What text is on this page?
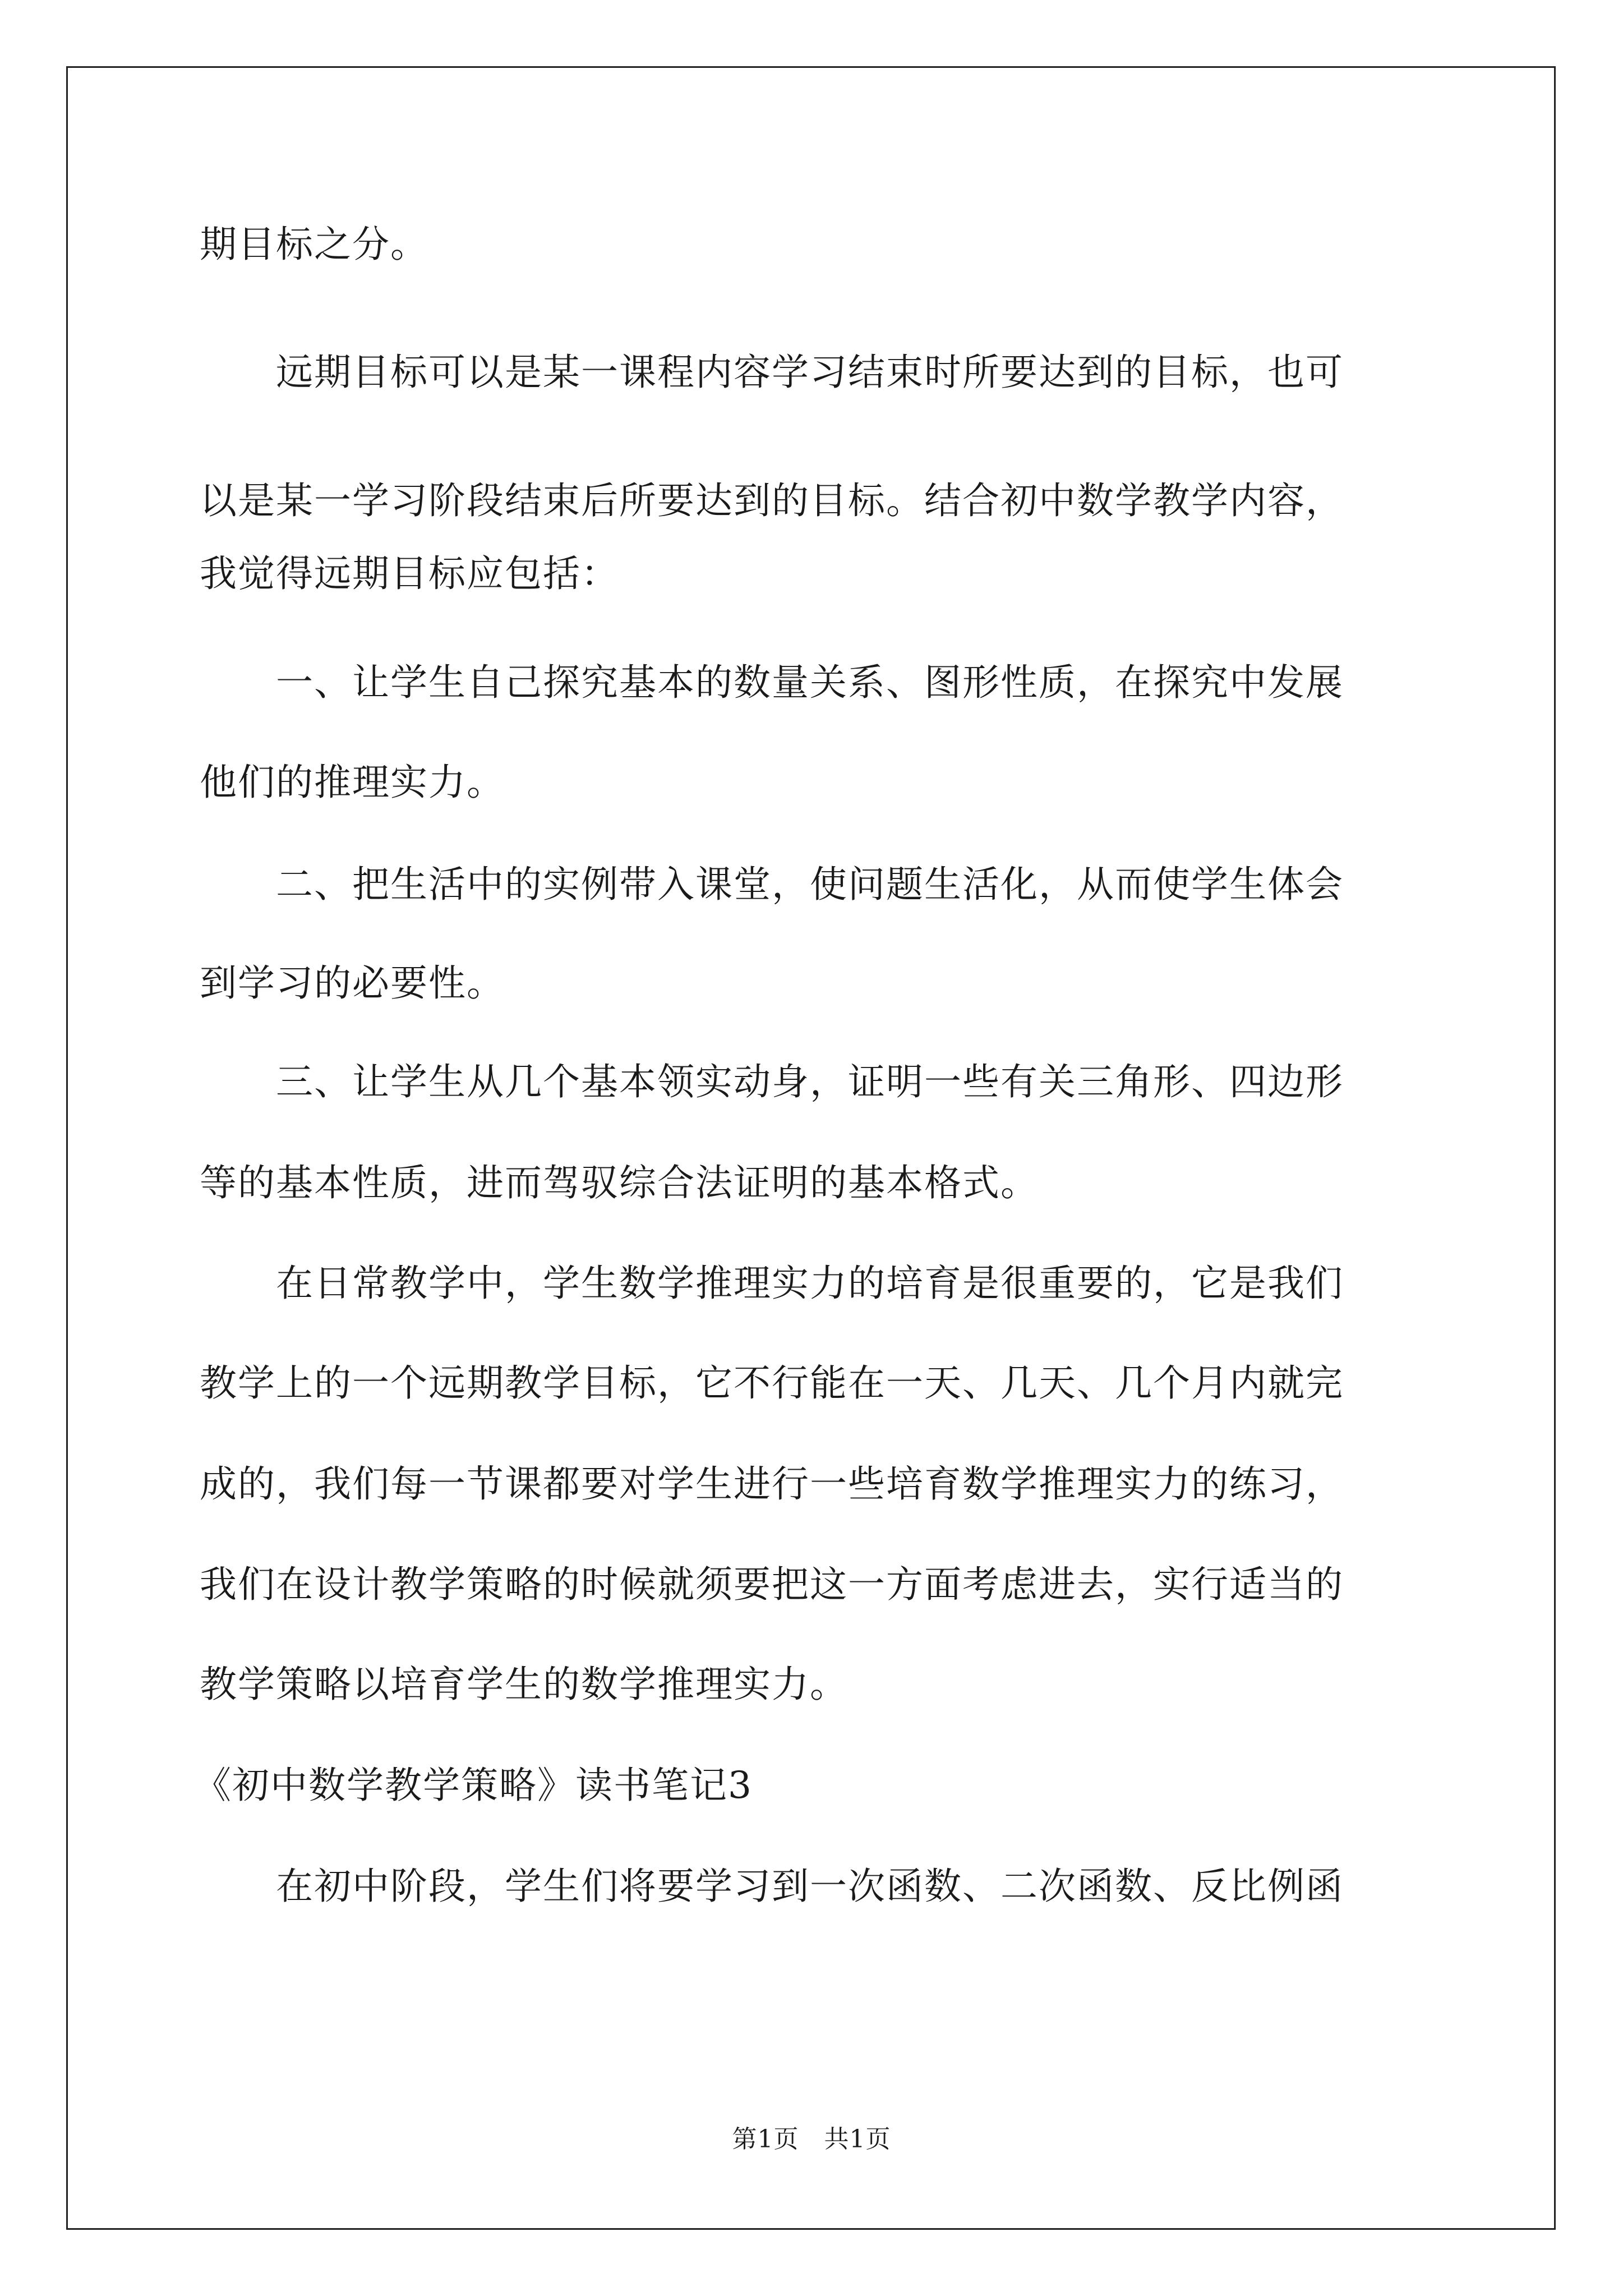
期目标之分。
　　远期目标可以是某一课程内容学习结束时所要达到的目标，也可
以是某一学习阶段结束后所要达到的目标。结合初中数学教学内容，
我觉得远期目标应包括：
　　一、让学生自己探究基本的数量关系、图形性质，在探究中发展
他们的推理实力。
　　二、把生活中的实例带入课堂，使问题生活化，从而使学生体会
到学习的必要性。
　　三、让学生从几个基本领实动身，证明一些有关三角形、四边形
等的基本性质，进而驾驭综合法证明的基本格式。
　　在日常教学中，学生数学推理实力的培育是很重要的，它是我们
教学上的一个远期教学目标，它不行能在一天、几天、几个月内就完
成的，我们每一节课都要对学生进行一些培育数学推理实力的练习，
我们在设计教学策略的时候就须要把这一方面考虑进去，实行适当的
教学策略以培育学生的数学推理实力。
《初中数学教学策略》读书笔记3
　　在初中阶段，学生们将要学习到一次函数、二次函数、反比例函
第1页　共1页
